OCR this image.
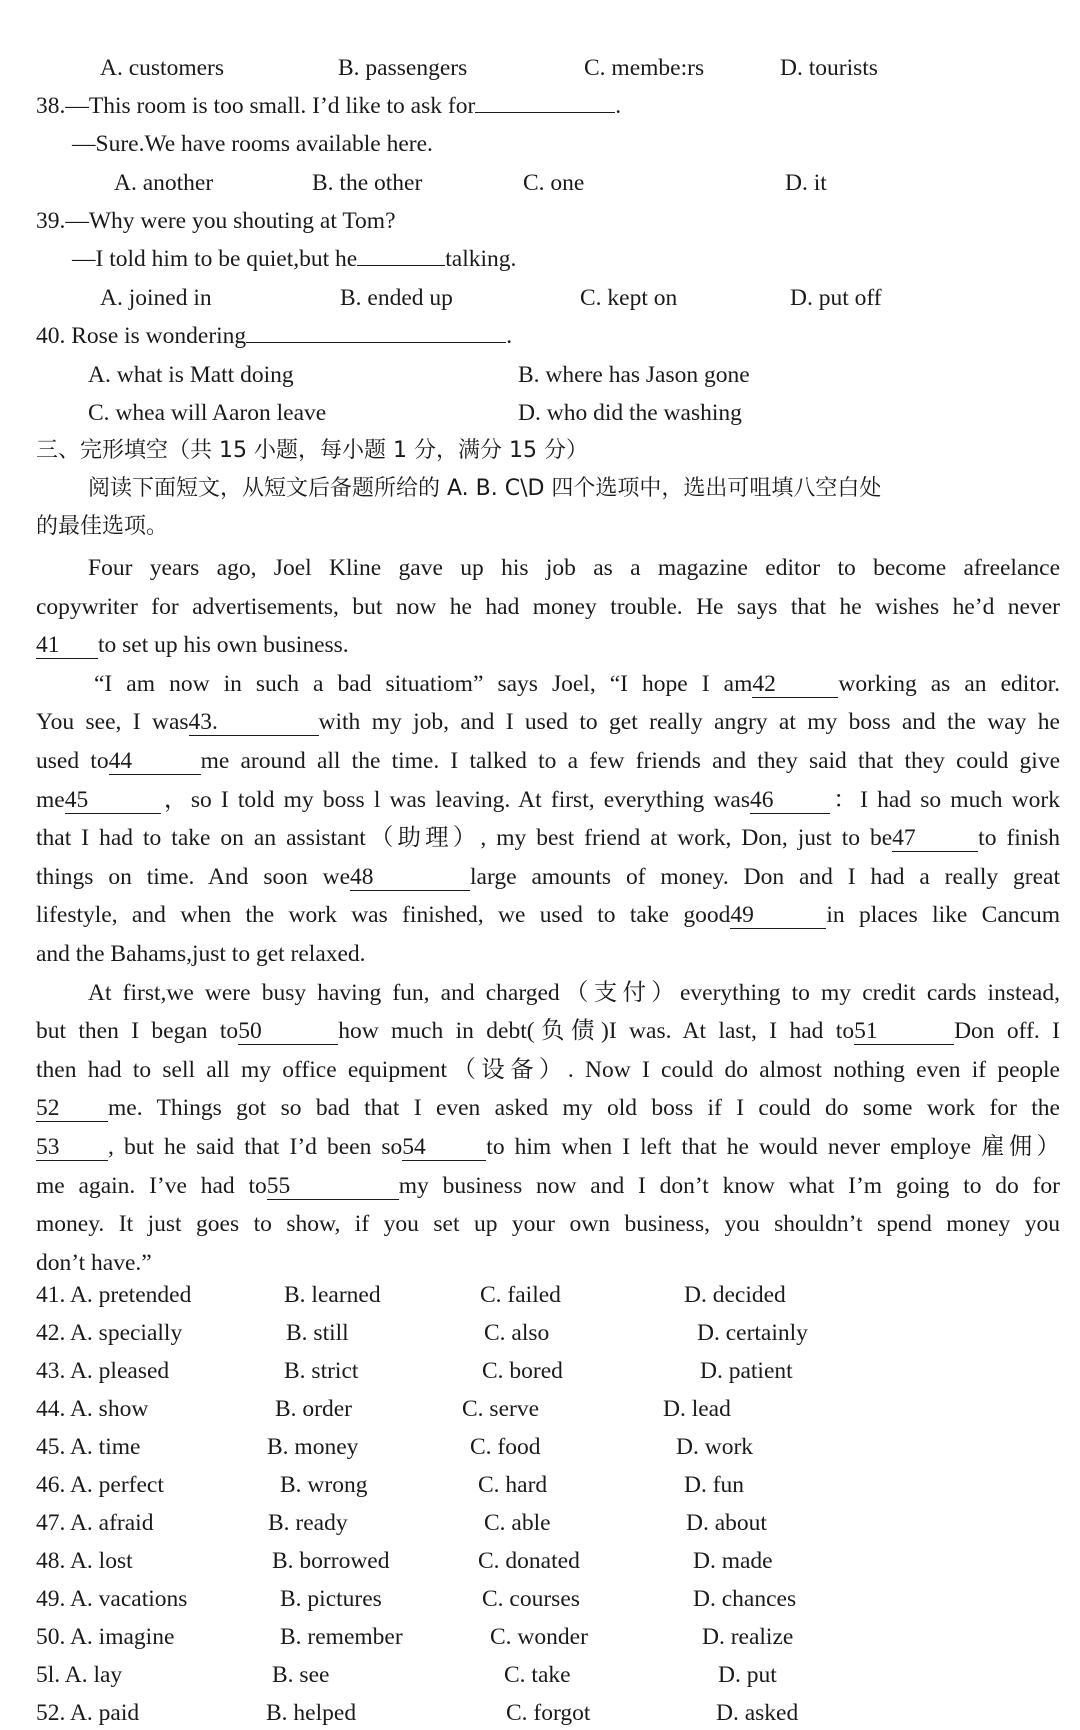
A. customers	B. passengers	C. membe:rs	D. tourists
38.—This room is too small. I’d like to ask for	.
—Sure.We have rooms available here.
A. another	B. the other	C. one	D. it
39.—Why were you shouting at Tom?
—I told him to be quiet,but he	talking.
A. joined in	B. ended up	C. kept on	D. put off
40. Rose is wondering	.
A. what is Matt doing	B. where has Jason gone
C. whea will Aaron leave	D. who did the washing
三、完形填空（共 15 小题，每小题 1 分，满分 15 分）
阅读下面短文，从短文后备题所给的 A. B. C\D 四个选项中，选出可咀填八空白处
的最佳选项。
Four years ago, Joel Kline gave up his job as a magazine editor to become afreelance
copywriter for advertisements, but now he had money trouble. He says that he wishes he’d never
41 to set up his own business.
“I am now in such a bad situatiom” says Joel, “I hope I am42	working as an editor.
You see, I was43.	with my job, and I used to get really angry at my boss and the way he
used to44	me around all the time. I talked to a few friends and they said that they could give
me45	，so I told my boss l was leaving. At first, everything was46 ：I had so much work
that I had to take on an assistant（助理）, my best friend at work, Don, just to be47	to finish
things on time. And soon we48	large amounts of money. Don and I had a really great
lifestyle, and when the work was finished, we used to take good49	in places like Cancum
and the Bahams,just to get relaxed.
At first,we were busy having fun, and charged（支付）everything to my credit cards instead,
but then I began to50	how much in debt(负债)I was. At last, I had to51	Don off. I
then had to sell all my office equipment（设备）. Now I could do almost nothing even if people
52 me. Things got so bad that I even asked my old boss if I could do some work for the
53 , but he said that I’d been so54	to him when I left that he would never employe 雇佣）
me again. I’ve had to55	my business now and I don’t know what I’m going to do for
money. It just goes to show, if you set up your own business, you shouldn’t spend money you
don’t have.”
41. A. pretended	B. learned	C. failed	D. decided
42. A. specially	B. still	C. also	D. certainly
43. A. pleased	B. strict	C. bored	D. patient
44. A. show	B. order	C. serve	D. lead
45. A. time	B. money	C. food	D. work
46. A. perfect	B. wrong	C. hard	D. fun
47. A. afraid	B. ready	C. able	D. about
48. A. lost	B. borrowed	C. donated	D. made
49. A. vacations	B. pictures	C. courses	D. chances
50. A. imagine	B. remember	C. wonder	D. realize
5l. A. lay	B. see	C. take	D. put
52. A. paid	B. helped	C. forgot	D. asked
